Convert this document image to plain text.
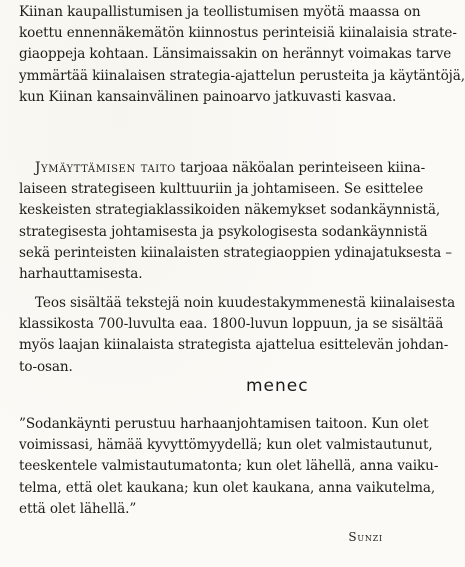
Kiinan kaupallistumisen ja teollistumisen myötä maassa on
koettu ennennäkemätön kiinnostus perinteisiä kiinalaisia strate-
giaoppeja kohtaan. Länsimaissakin on herännyt voimakas tarve
ymmärtää kiinalaisen strategia-ajattelun perusteita ja käytäntöjä,
kun Kiinan kansainvälinen painoarvo jatkuvasti kasvaa.
Jymäyttämisen taito tarjoaa näköalan perinteiseen kiina-
laiseen strategiseen kulttuuriin ja johtamiseen. Se esittelee
keskeisten strategiaklassikoiden näkemykset sodankäynnistä,
strategisesta johtamisesta ja psykologisesta sodankäynnistä
sekä perinteisten kiinalaisten strategiaoppien ydinajatuksesta –
harhauttamisesta.
Teos sisältää tekstejä noin kuudestakymmenestä kiinalaisesta
klassikosta 700-luvulta eaa. 1800-luvun loppuun, ja se sisältää
myös laajan kiinalaista strategista ajattelua esittelevän johdan-
to-osan.
menec
”Sodankäynti perustuu harhaanjohtamisen taitoon. Kun olet
voimissasi, hämää kyvyttömyydellä; kun olet valmistautunut,
teeskentele valmistautumatonta; kun olet lähellä, anna vaiku-
telma, että olet kaukana; kun olet kaukana, anna vaikutelma,
että olet lähellä.”
Sunzi
